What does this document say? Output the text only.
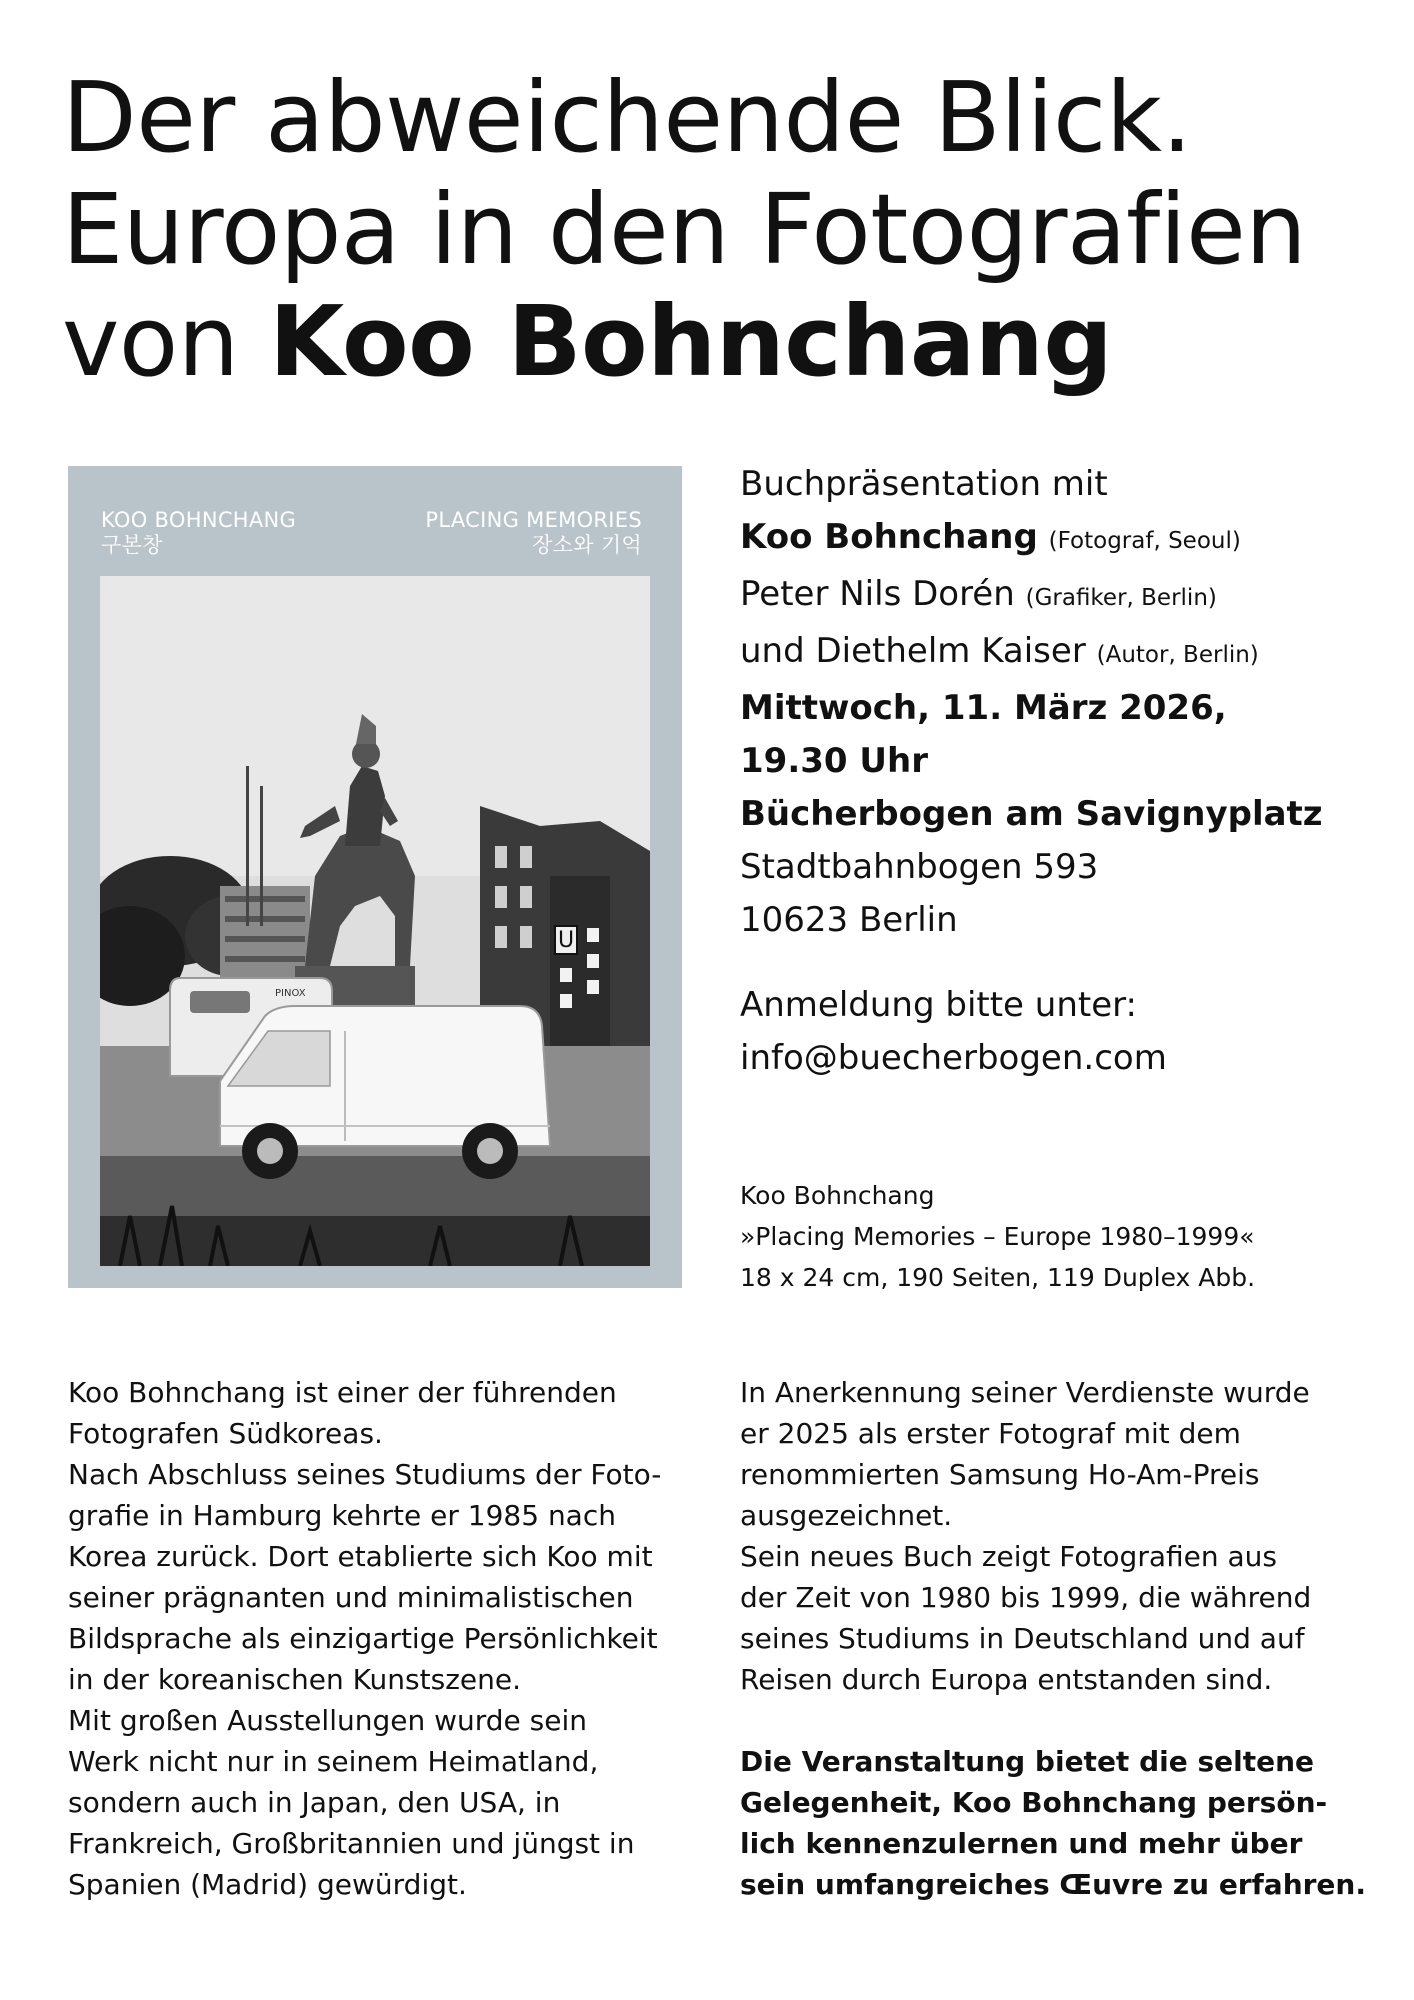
Der abweichende Blick.
Europa in den Fotografien
von Koo Bohnchang
KOO BOHNCHANG
구본창
PLACING MEMORIES
장소와 기억
U
PINOX
Buchpräsentation mit
Koo Bohnchang (Fotograf, Seoul)
Peter Nils Dorén (Grafiker, Berlin)
und Diethelm Kaiser (Autor, Berlin)
Mittwoch, 11. März 2026,
19.30 Uhr
Bücherbogen am Savignyplatz
Stadtbahnbogen 593
10623 Berlin
Anmeldung bitte unter:
info@buecherbogen.com
Koo Bohnchang
»Placing Memories – Europe 1980–1999«
18 x 24 cm, 190 Seiten, 119 Duplex Abb.
Koo Bohnchang ist einer der führenden
Fotografen Südkoreas.
Nach Abschluss seines Studiums der Foto-
grafie in Hamburg kehrte er 1985 nach
Korea zurück. Dort etablierte sich Koo mit
seiner prägnanten und minimalistischen
Bildsprache als einzigartige Persönlichkeit
in der koreanischen Kunstszene.
Mit großen Ausstellungen wurde sein
Werk nicht nur in seinem Heimatland,
sondern auch in Japan, den USA, in
Frankreich, Großbritannien und jüngst in
Spanien (Madrid) gewürdigt.
In Anerkennung seiner Verdienste wurde
er 2025 als erster Fotograf mit dem
renommierten Samsung Ho-Am-Preis
ausgezeichnet.
Sein neues Buch zeigt Fotografien aus
der Zeit von 1980 bis 1999, die während
seines Studiums in Deutschland und auf
Reisen durch Europa entstanden sind.
Die Veranstaltung bietet die seltene
Gelegenheit, Koo Bohnchang persön-
lich kennenzulernen und mehr über
sein umfangreiches Œuvre zu erfahren.
